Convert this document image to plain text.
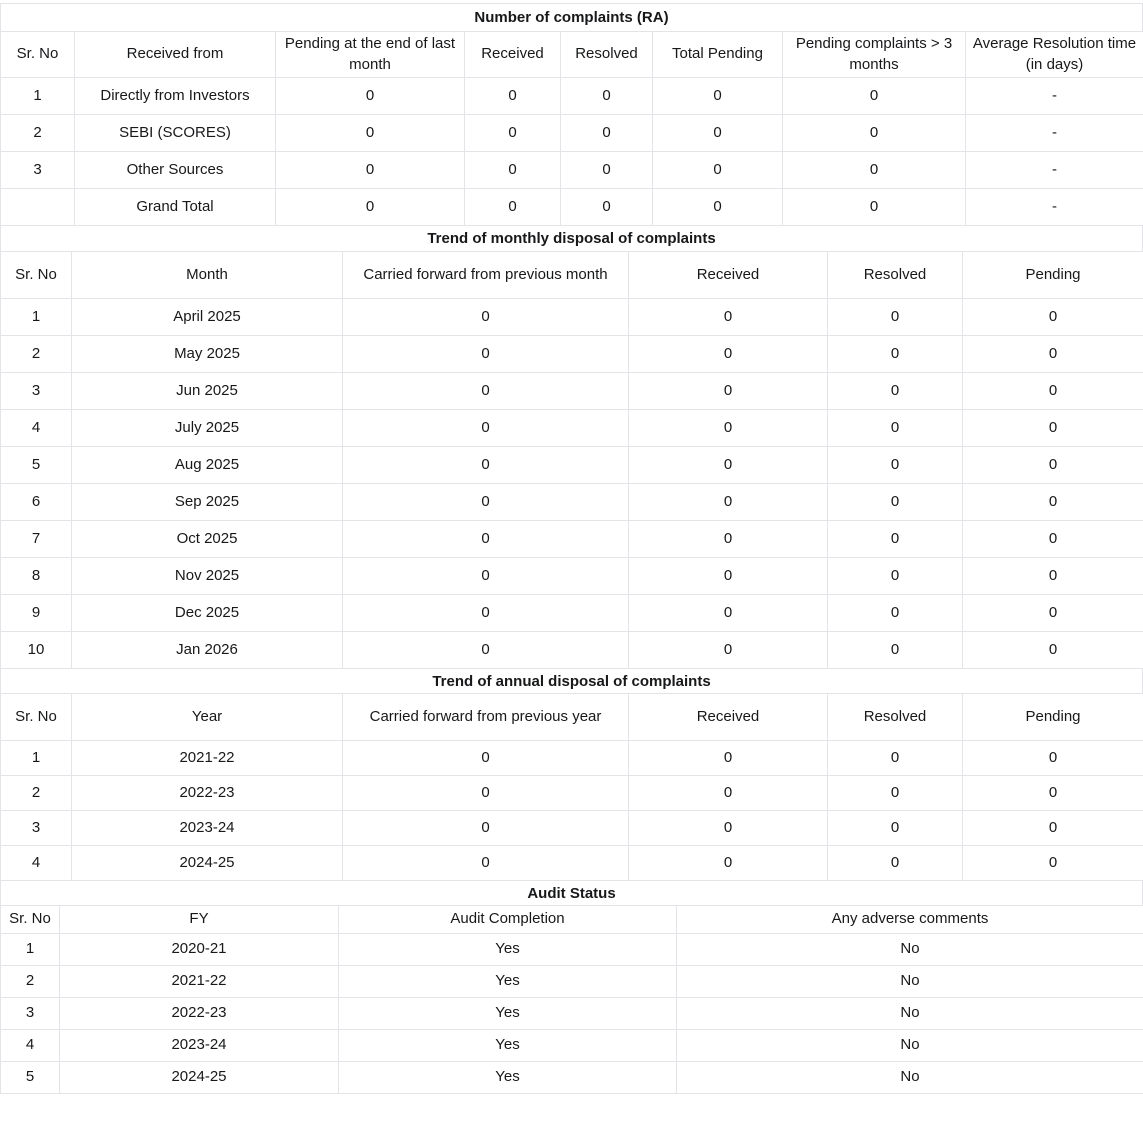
Number of complaints (RA)
Sr. No	Received from	Pending at the end of last month	Received	Resolved	Total Pending	Pending complaints > 3 months	Average Resolution time (in days)
1	Directly from Investors	0	0	0	0	0	-
2	SEBI (SCORES)	0	0	0	0	0	-
3	Other Sources	0	0	0	0	0	-
	Grand Total	0	0	0	0	0	-
Trend of monthly disposal of complaints
Sr. No	Month	Carried forward from previous month	Received	Resolved	Pending
1	April 2025	0	0	0	0
2	May 2025	0	0	0	0
3	Jun 2025	0	0	0	0
4	July 2025	0	0	0	0
5	Aug 2025	0	0	0	0
6	Sep 2025	0	0	0	0
7	Oct 2025	0	0	0	0
8	Nov 2025	0	0	0	0
9	Dec 2025	0	0	0	0
10	Jan 2026	0	0	0	0
Trend of annual disposal of complaints
Sr. No	Year	Carried forward from previous year	Received	Resolved	Pending
1	2021-22	0	0	0	0
2	2022-23	0	0	0	0
3	2023-24	0	0	0	0
4	2024-25	0	0	0	0
Audit Status
Sr. No	FY	Audit Completion	Any adverse comments
1	2020-21	Yes	No
2	2021-22	Yes	No
3	2022-23	Yes	No
4	2023-24	Yes	No
5	2024-25	Yes	No
